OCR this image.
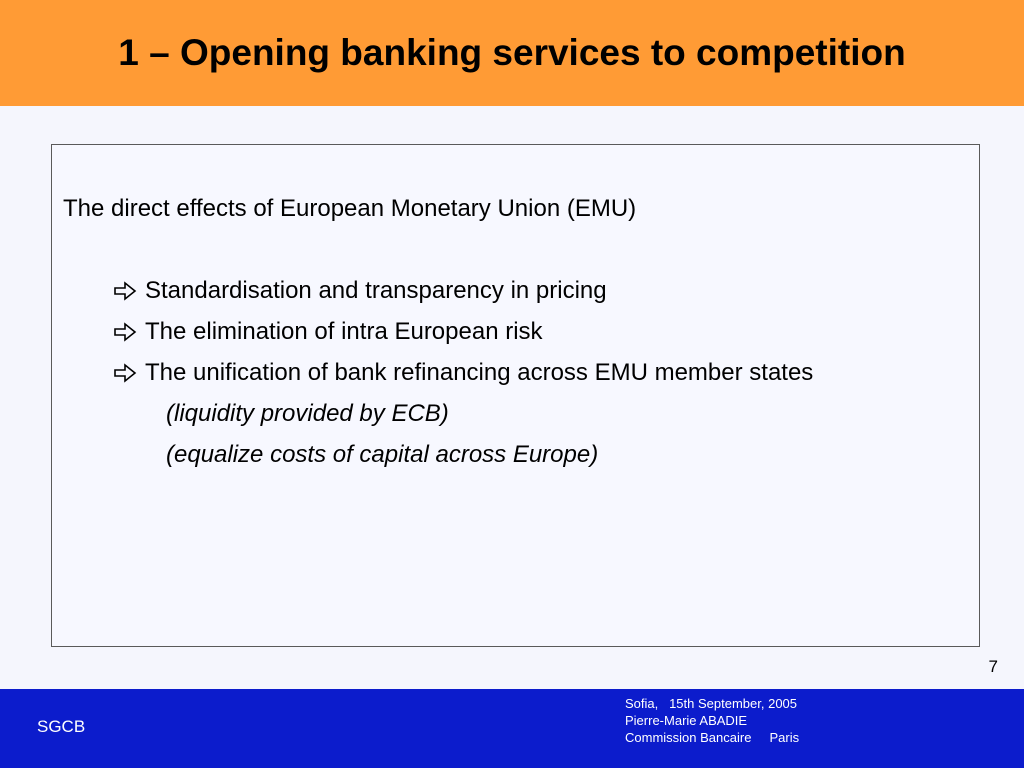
1 – Opening banking services to competition
The direct effects of European Monetary Union (EMU)
Standardisation and transparency in pricing
The elimination of intra European risk
The unification of bank refinancing across EMU member states
(liquidity provided by ECB)
(equalize costs of capital across Europe)
7
SGCB
Sofia,   15th September, 2005
Pierre-Marie ABADIE
Commission Bancaire     Paris
